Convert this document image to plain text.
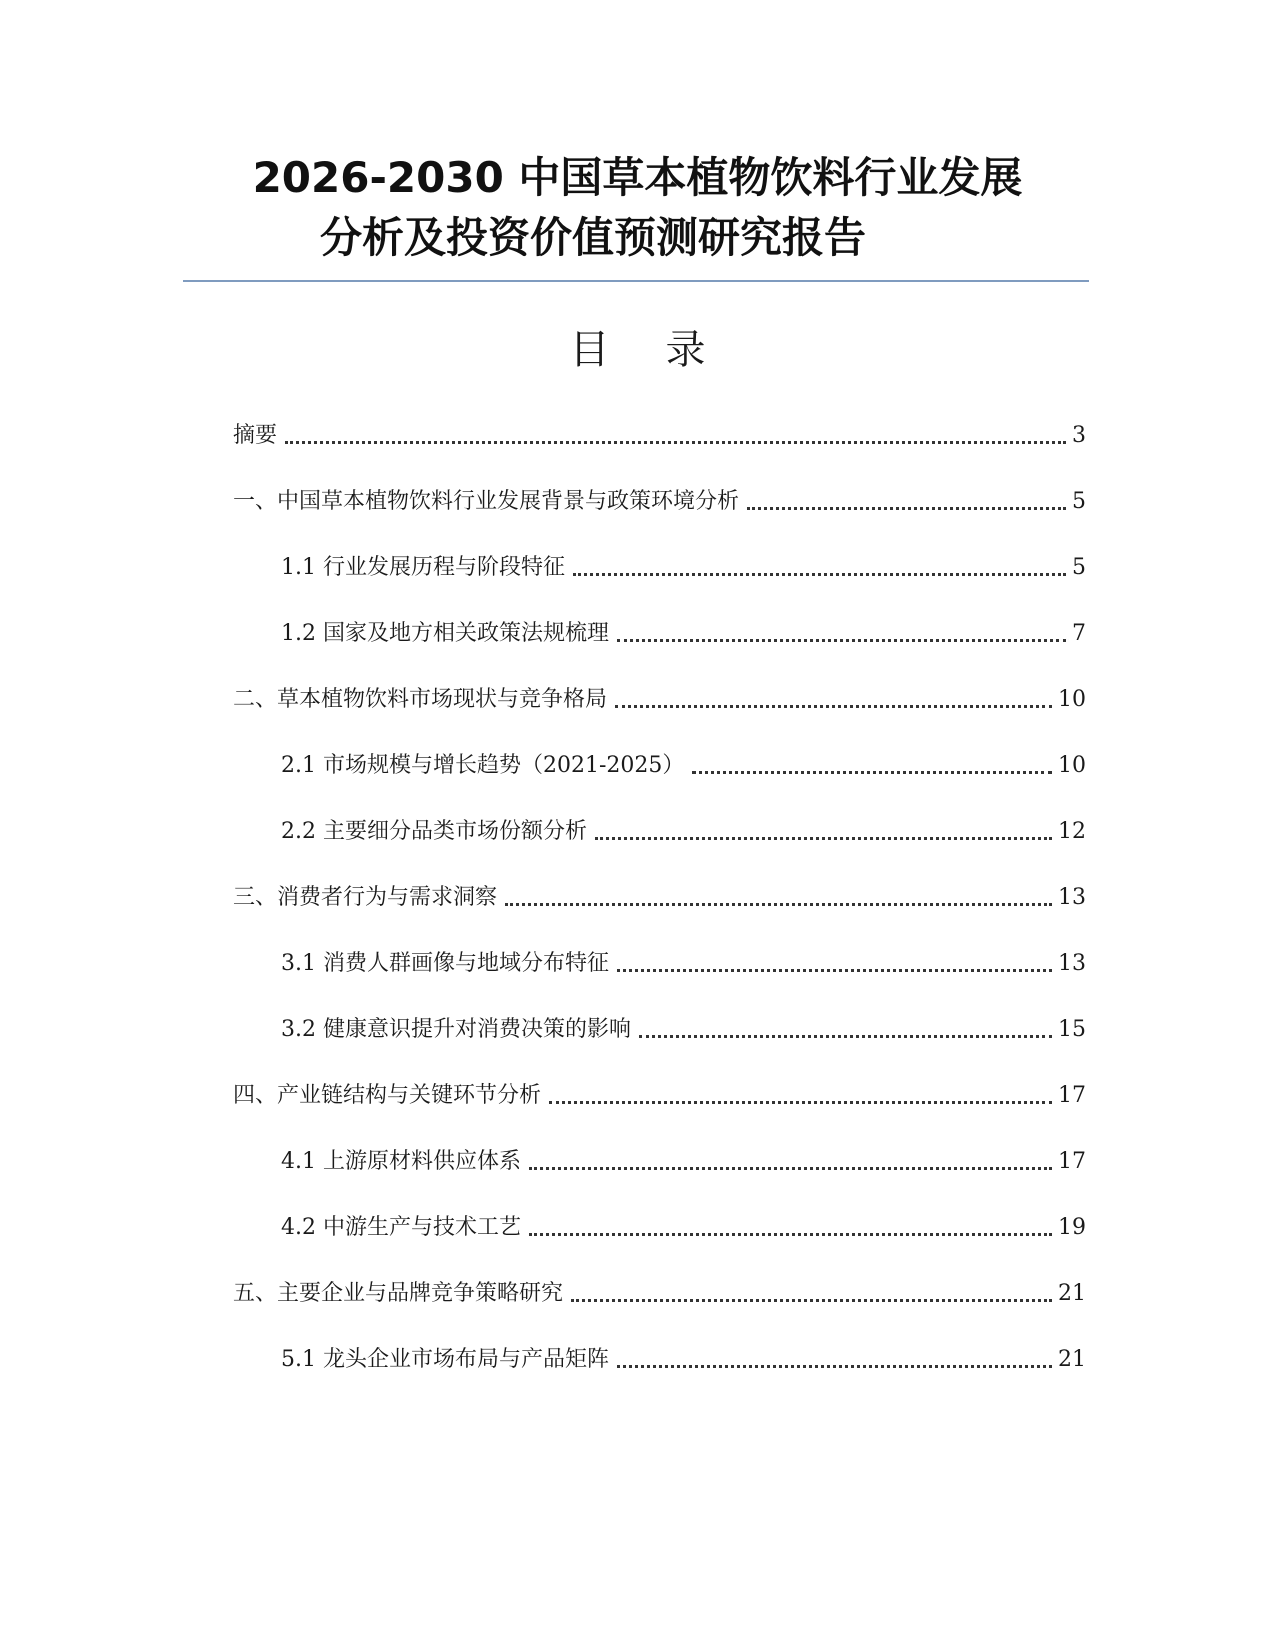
2026-2030 中国草本植物饮料行业发展
分析及投资价值预测研究报告
目录
摘要	3
一、中国草本植物饮料行业发展背景与政策环境分析	5
1.1 行业发展历程与阶段特征	5
1.2 国家及地方相关政策法规梳理	7
二、草本植物饮料市场现状与竞争格局	10
2.1 市场规模与增长趋势（2021-2025）	10
2.2 主要细分品类市场份额分析	12
三、消费者行为与需求洞察	13
3.1 消费人群画像与地域分布特征	13
3.2 健康意识提升对消费决策的影响	15
四、产业链结构与关键环节分析	17
4.1 上游原材料供应体系	17
4.2 中游生产与技术工艺	19
五、主要企业与品牌竞争策略研究	21
5.1 龙头企业市场布局与产品矩阵	21
